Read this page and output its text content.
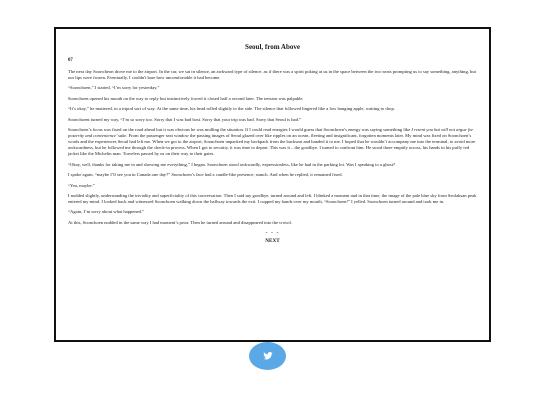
Seoul, from Above
07

The next day Sooncheon drove me to the airport. In the car, we sat in silence, an awkward type of silence, as if there was a spirit poking at us in the space between the two seats prompting us to say something, anything, but our lips were frozen. Eventually, I couldn't bare how uncomfortable it had become.

“Soonchoen,” I started, “I’m sorry for yesterday.”

Soonchoen opened his mouth on the way to reply but instinctively forced it closed half a second later. The tension was palpable.

“It’s okay,” he muttered, in a tripod sort of way. At the same time, his head rolled slightly to the side. The silence that followed lingered like a low hanging apple, waiting to drop.

Soonchoent turned my way, “I’m so sorry too. Sorry that I was bad host. Sorry that your trip was bad. Sorry that Seoul is bad.”

Soonchoen’s focus was fixed on the road ahead but it was obvious he was mulling the situation. If I could read energies I would guess that Soonchoen’s energy was saying something like I resent you but will not argue for posterity and convenience’ sake. From the passenger seat window the passing images of Seoul glazed over like ripples on an ocean, fleeting and insignificant, forgotten moments later. My mind was fixed on Soonchoen’s words and the experiences Seoul had left me. When we got to the airport, Soonchoen unpacked my backpack from the backseat and handed it to me. I hoped that he wouldn’t accompany me into the terminal, to avoid more awkwardness, but he followed me through the check-in process. When I got to security, it was time to depart. This was it – the goodbye. I turned to confront him. He stood there emptily across, his hands in his puffy red jacket like the Michelin man. Travelers passed by us on their way to their gates.

“Okay, well, thanks for taking me in and showing me everything,” I began. Soonchoen stood awkwardly, expressionless, like he had in the parking lot. Was I speaking to a ghost?

I spoke again, “maybe I’ll see you in Canada one day?” Soonchoen’s face had a candle-like presence; stanch. And when he replied, it remained fixed.

“Yea, maybe.”

I nodded slightly, understanding the triviality and superficiality of this conversation. Then I said my goodbye, turned around and left. I blinked a moment and in that time, the image of the pale blue sky from Seolaksan peak entered my mind. I looked back and witnessed Soonchoen walking down the hallway towards the exit. I cupped my hands over my mouth, “Soonchoen!” I yelled. Soonchoen turned around and took me in.

“Again, I’m sorry about what happened.”

At this, Soonchoen nodded in the same way I had moment’s prior. Then he turned around and disappeared into the crowd.

- - -
NEXT
